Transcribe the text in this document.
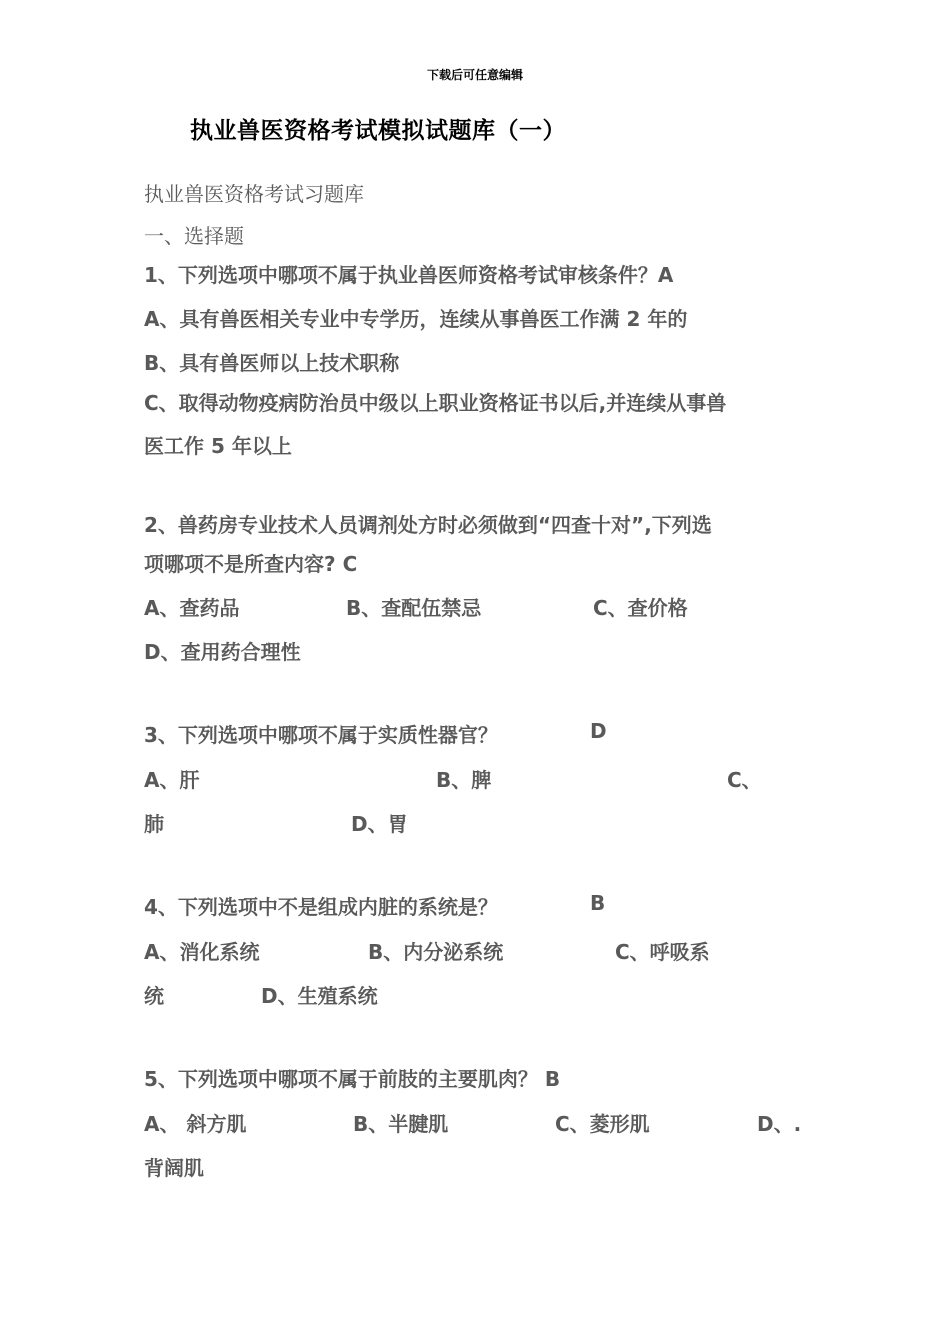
下载后可任意编辑
执业兽医资格考试模拟试题库（一）
执业兽医资格考试习题库
一、选择题
1、下列选项中哪项不属于执业兽医师资格考试审核条件？A
A、具有兽医相关专业中专学历，连续从事兽医工作满 2 年的
B、具有兽医师以上技术职称
C、取得动物疫病防治员中级以上职业资格证书以后,并连续从事兽
医工作 5 年以上
2、兽药房专业技术人员调剂处方时必须做到“四查十对”,下列选
项哪项不是所查内容? C
A、查药品	B、查配伍禁忌	C、查价格
D、查用药合理性
3、下列选项中哪项不属于实质性器官？	D
A、肝	B、脾	C、
肺	D、胃
4、下列选项中不是组成内脏的系统是？	B
A、消化系统	B、内分泌系统	C、呼吸系
统	D、生殖系统
5、下列选项中哪项不属于前肢的主要肌肉？ B
A、 斜方肌	B、半腱肌	C、菱形肌	D、.
背阔肌
